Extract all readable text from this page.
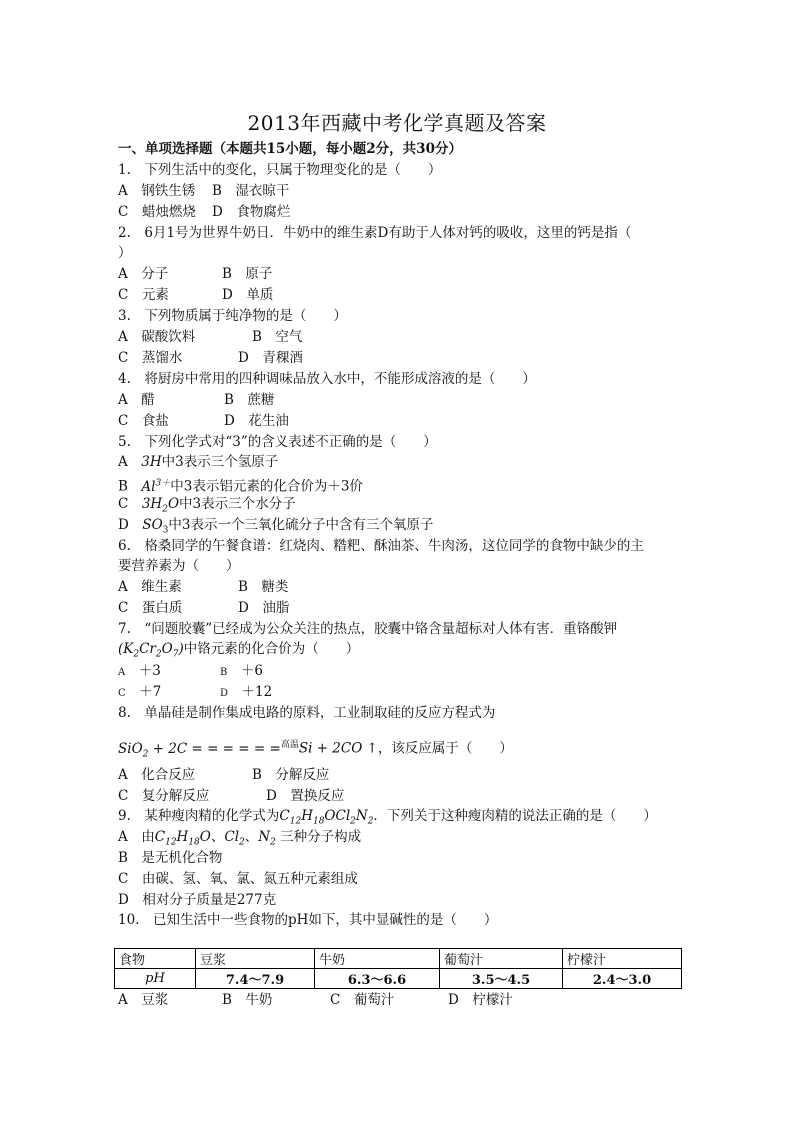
2013年西藏中考化学真题及答案
一、单项选择题（本题共15小题，每小题2分，共30分）
1.　下列生活中的变化，只属于物理变化的是（　　）
A　钢铁生锈 B　湿衣晾干
C　蜡烛燃烧 D　食物腐烂
2.　6月1号为世界牛奶日．牛奶中的维生素D有助于人体对钙的吸收，这里的钙是指（
）
A　分子	B　原子
C　元素	D　单质
3.　下列物质属于纯净物的是（　　）
A　碳酸饮料	B　空气
C　蒸馏水	D　青稞酒
4.　将厨房中常用的四种调味品放入水中，不能形成溶液的是（　　）
A　醋	B　蔗糖
C　食盐	D　花生油
5.　下列化学式对“3”的含义表述不正确的是（　　）
A　3H中3表示三个氢原子
B　$Al^{3+}$中3表示铝元素的化合价为＋3价
C　$3H_2O$中3表示三个水分子
D　$SO_3$中3表示一个三氧化硫分子中含有三个氧原子
6.　格桑同学的午餐食谱：红烧肉、糌粑、酥油茶、牛肉汤，这位同学的食物中缺少的主
要营养素为（　　）
A　维生素	B　糖类
C　蛋白质	D　油脂
7.　“问题胶囊”已经成为公众关注的热点，胶囊中铬含量超标对人体有害．重铬酸钾
$(K_2Cr_2O_7)$中铬元素的化合价为（　　）
A　 ＋3	B　 ＋6
C　 ＋7	D　 ＋12
8.　单晶硅是制作集成电路的原料，工业制取硅的反应方程式为
SiO$_2$ + 2C = = = = = =$^{高温}$Si + 2CO ↑，该反应属于（　　）
A　化合反应	B　分解反应
C　复分解反应	D　置换反应
9.　某种瘦肉精的化学式为$C_{12}H_{18}OCl_2N_2$．下列关于这种瘦肉精的说法正确的是（　　）
A　由$C_{12}H_{18}O$、$Cl_2$、$N_2$ 三种分子构成
B　是无机化合物
C　由碳、氢、氧、氯、氮五种元素组成
D　相对分子质量是277克
10.　已知生活中一些食物的pH如下，其中显碱性的是（　　）
食物	豆浆	牛奶	葡萄汁	柠檬汁
pH	7.4～7.9	6.3～6.6	3.5～4.5	2.4～3.0
A　豆浆	B　牛奶	C　葡萄汁	D　柠檬汁
